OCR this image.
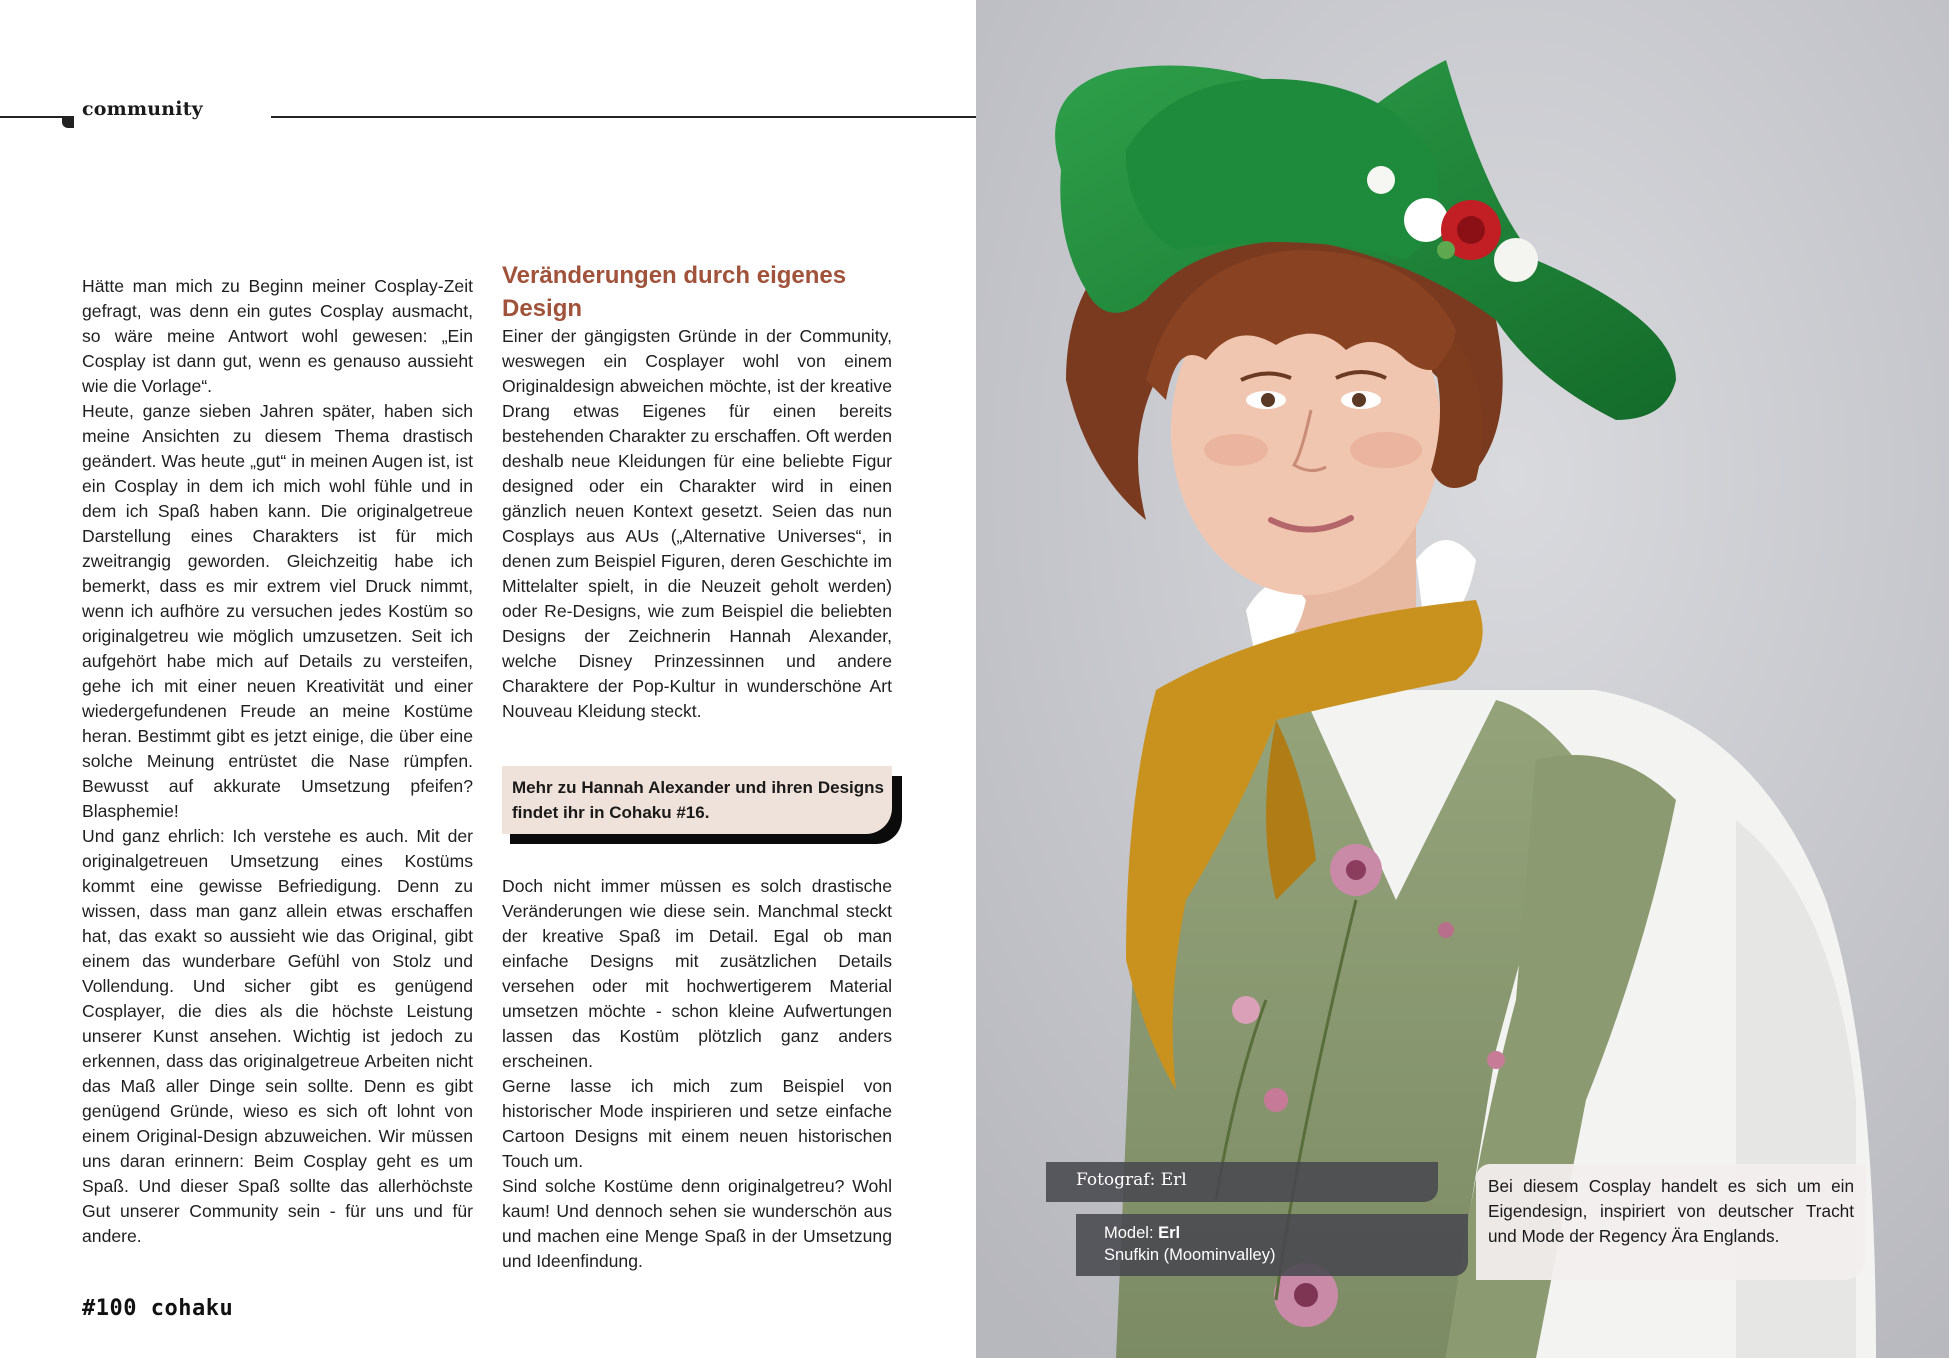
community

Hätte man mich zu Beginn meiner Cosplay-Zeit gefragt, was denn ein gutes Cosplay ausmacht, so wäre meine Antwort wohl gewesen: „Ein Cosplay ist dann gut, wenn es genauso aussieht wie die Vorlage“.

Heute, ganze sieben Jahren später, haben sich meine Ansichten zu diesem Thema drastisch geändert. Was heute „gut“ in meinen Augen ist, ist ein Cosplay in dem ich mich wohl fühle und in dem ich Spaß haben kann. Die originalgetreue Darstellung eines Charakters ist für mich zweitrangig geworden. Gleichzeitig habe ich bemerkt, dass es mir extrem viel Druck nimmt, wenn ich aufhöre zu versuchen jedes Kostüm so originalgetreu wie möglich umzusetzen. Seit ich aufgehört habe mich auf Details zu versteifen, gehe ich mit einer neuen Kreativität und einer wiedergefundenen Freude an meine Kostüme heran. Bestimmt gibt es jetzt einige, die über eine solche Meinung entrüstet die Nase rümpfen. Bewusst auf akkurate Umsetzung pfeifen? Blasphemie!

Und ganz ehrlich: Ich verstehe es auch. Mit der originalgetreuen Umsetzung eines Kostüms kommt eine gewisse Befriedigung. Denn zu wissen, dass man ganz allein etwas erschaffen hat, das exakt so aussieht wie das Original, gibt einem das wunderbare Gefühl von Stolz und Vollendung. Und sicher gibt es genügend Cosplayer, die dies als die höchste Leistung unserer Kunst ansehen. Wichtig ist jedoch zu erkennen, dass das originalgetreue Arbeiten nicht das Maß aller Dinge sein sollte. Denn es gibt genügend Gründe, wieso es sich oft lohnt von einem Original-Design abzuweichen. Wir müssen uns daran erinnern: Beim Cosplay geht es um Spaß. Und dieser Spaß sollte das allerhöchste Gut unserer Community sein - für uns und für andere.

Veränderungen durch eigenes Design

Einer der gängigsten Gründe in der Community, weswegen ein Cosplayer wohl von einem Originaldesign abweichen möchte, ist der kreative Drang etwas Eigenes für einen bereits bestehenden Charakter zu erschaffen. Oft werden deshalb neue Kleidungen für eine beliebte Figur designed oder ein Charakter wird in einen gänzlich neuen Kontext gesetzt. Seien das nun Cosplays aus AUs („Alternative Universes“, in denen zum Beispiel Figuren, deren Geschichte im Mittelalter spielt, in die Neuzeit geholt werden) oder Re-Designs, wie zum Beispiel die beliebten Designs der Zeichnerin Hannah Alexander, welche Disney Prinzessinnen und andere Charaktere der Pop-Kultur in wunderschöne Art Nouveau Kleidung steckt.

Mehr zu Hannah Alexander und ihren Designs findet ihr in Cohaku #16.

Doch nicht immer müssen es solch drastische Veränderungen wie diese sein. Manchmal steckt der kreative Spaß im Detail. Egal ob man einfache Designs mit zusätzlichen Details versehen oder mit hochwertigerem Material umsetzen möchte - schon kleine Aufwertungen lassen das Kostüm plötzlich ganz anders erscheinen.

Gerne lasse ich mich zum Beispiel von historischer Mode inspirieren und setze einfache Cartoon Designs mit einem neuen historischen Touch um.

Sind solche Kostüme denn originalgetreu? Wohl kaum! Und dennoch sehen sie wunderschön aus und machen eine Menge Spaß in der Umsetzung und Ideenfindung.

#100 cohaku
Fotograf: Erl
Model: Erl
Snufkin (Moominvalley)

Bei diesem Cosplay handelt es sich um ein Eigendesign, inspiriert von deutscher Tracht und Mode der Regency Ära Englands.
